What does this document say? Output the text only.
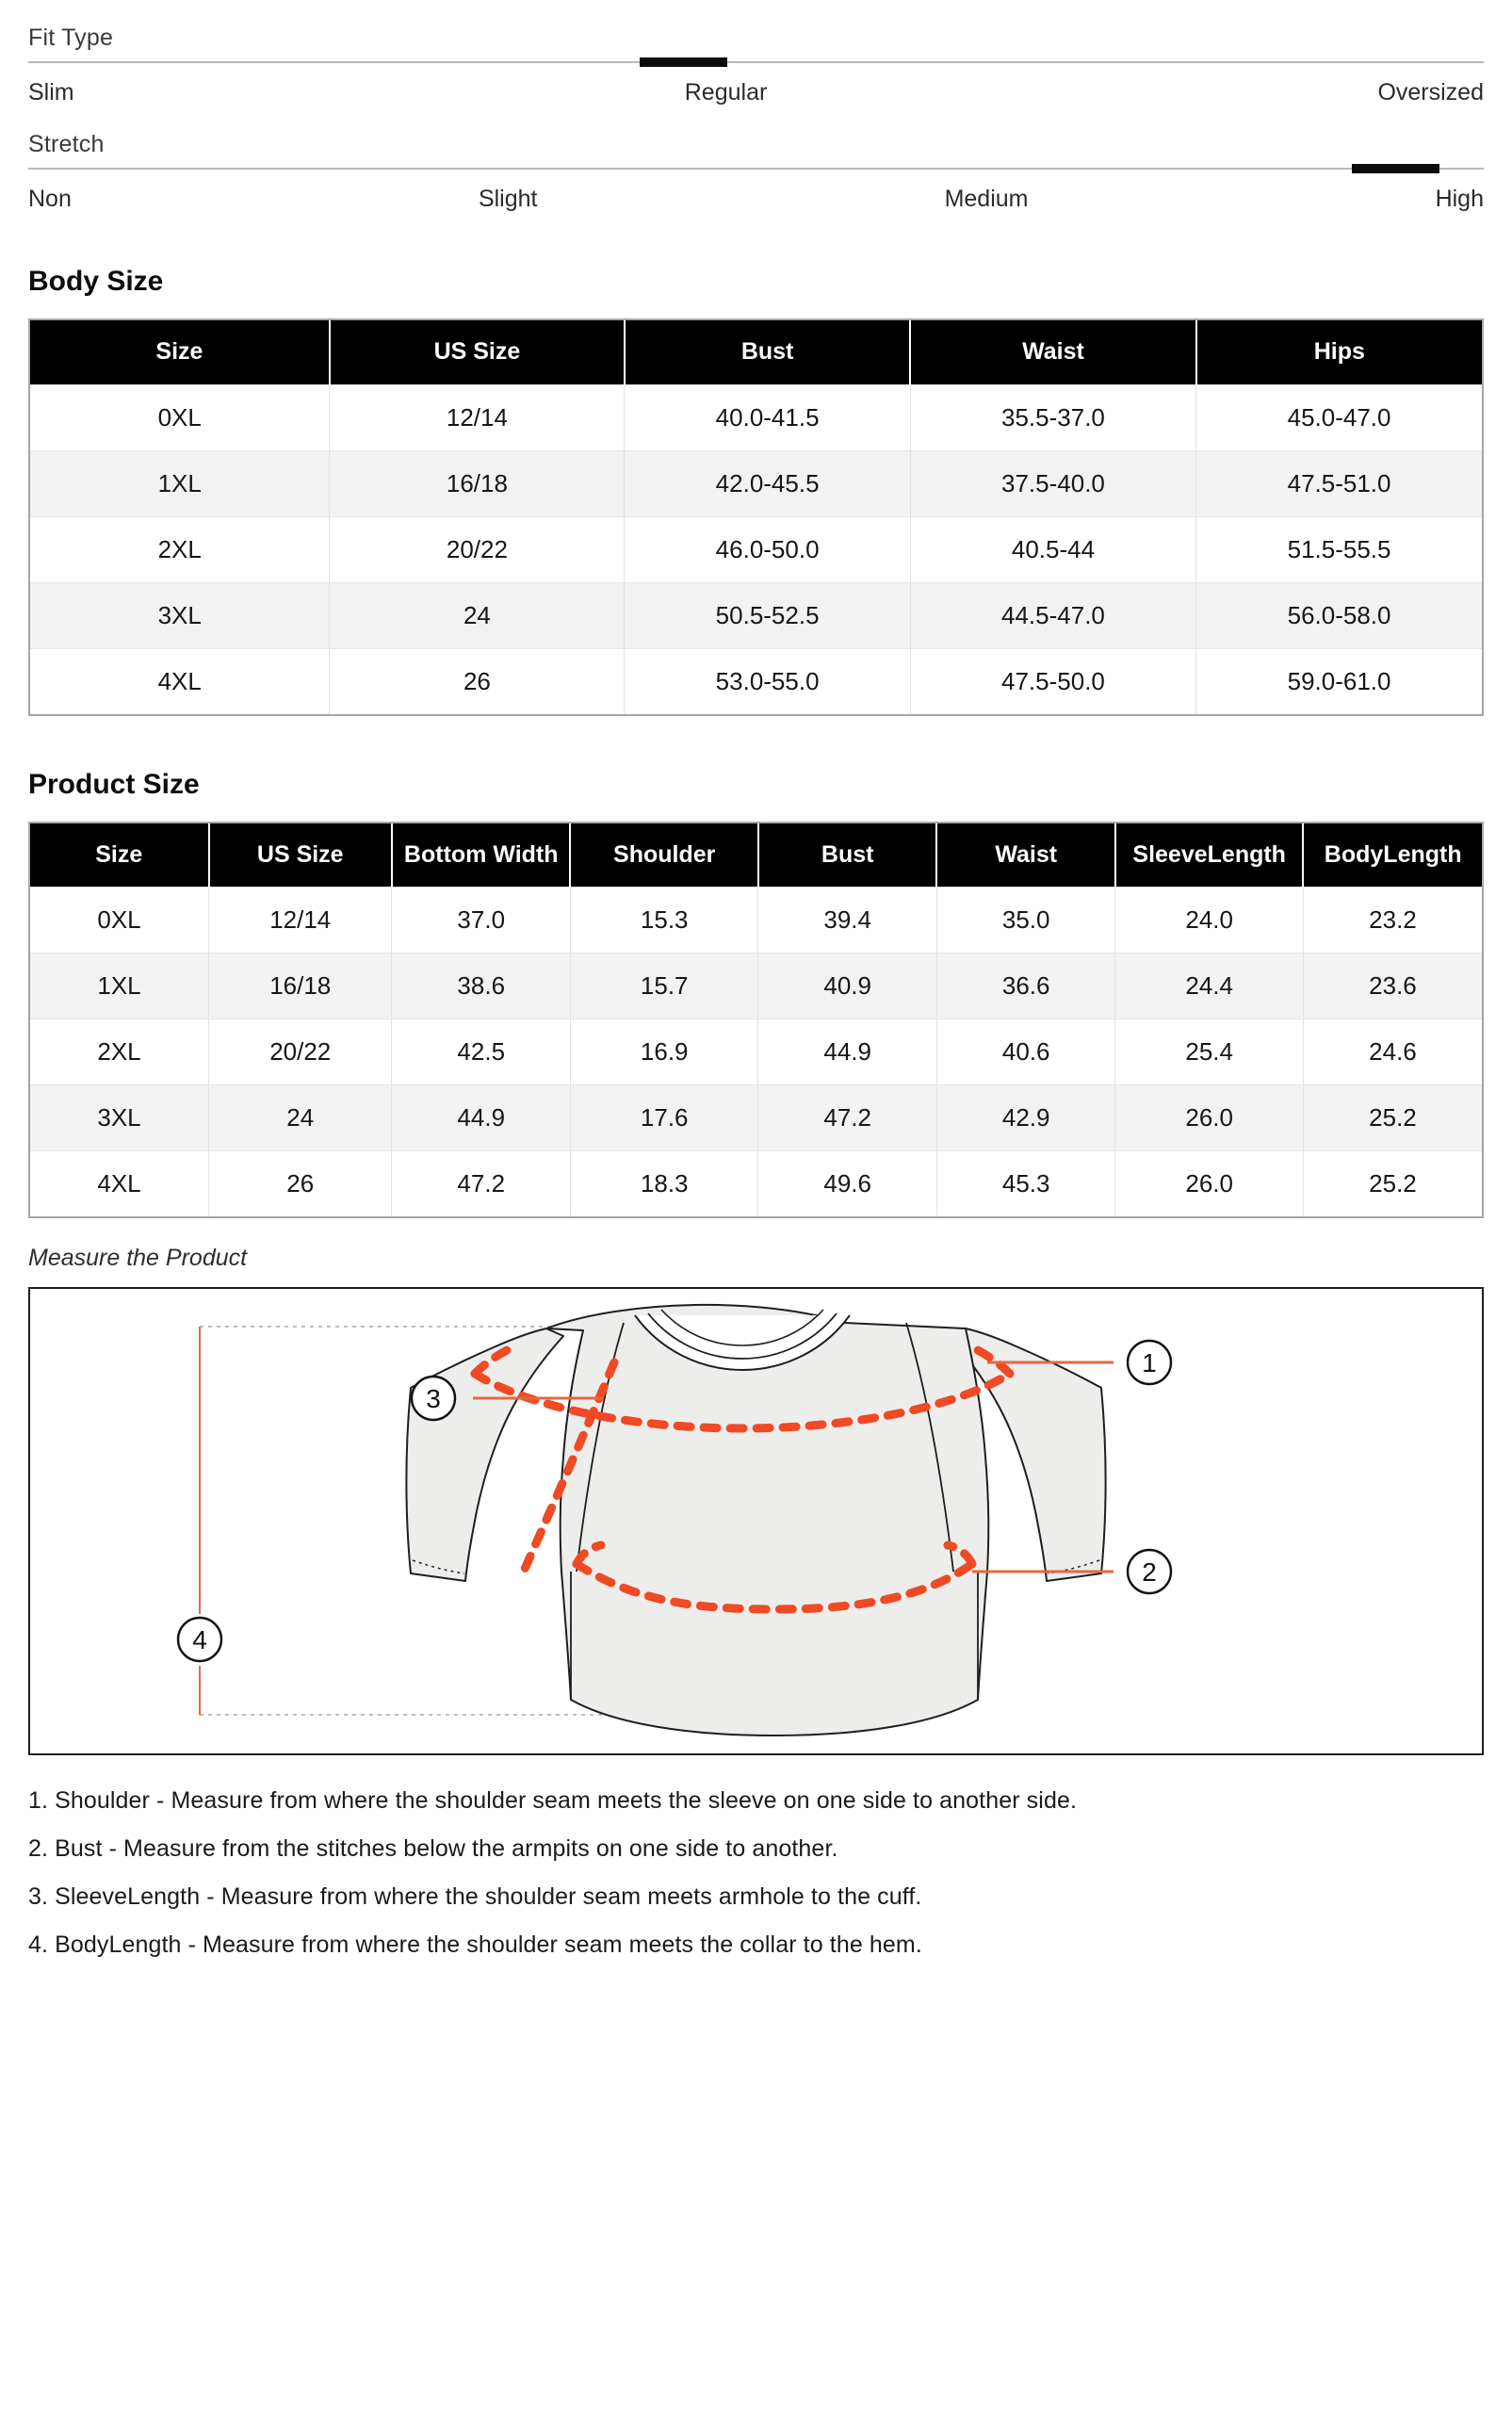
Fit Type
Slim	Regular	Oversized
Stretch
Non	Slight	Medium	High
Body Size
Size	US Size	Bust	Waist	Hips
0XL	12/14	40.0-41.5	35.5-37.0	45.0-47.0
1XL	16/18	42.0-45.5	37.5-40.0	47.5-51.0
2XL	20/22	46.0-50.0	40.5-44	51.5-55.5
3XL	24	50.5-52.5	44.5-47.0	56.0-58.0
4XL	26	53.0-55.0	47.5-50.0	59.0-61.0
Product Size
Size	US Size	Bottom Width	Shoulder	Bust	Waist	SleeveLength	BodyLength
0XL	12/14	37.0	15.3	39.4	35.0	24.0	23.2
1XL	16/18	38.6	15.7	40.9	36.6	24.4	23.6
2XL	20/22	42.5	16.9	44.9	40.6	25.4	24.6
3XL	24	44.9	17.6	47.2	42.9	26.0	25.2
4XL	26	47.2	18.3	49.6	45.3	26.0	25.2
Measure the Product
1
2
3
4
1. Shoulder - Measure from where the shoulder seam meets the sleeve on one side to another side.
2. Bust - Measure from the stitches below the armpits on one side to another.
3. SleeveLength - Measure from where the shoulder seam meets armhole to the cuff.
4. BodyLength - Measure from where the shoulder seam meets the collar to the hem.
